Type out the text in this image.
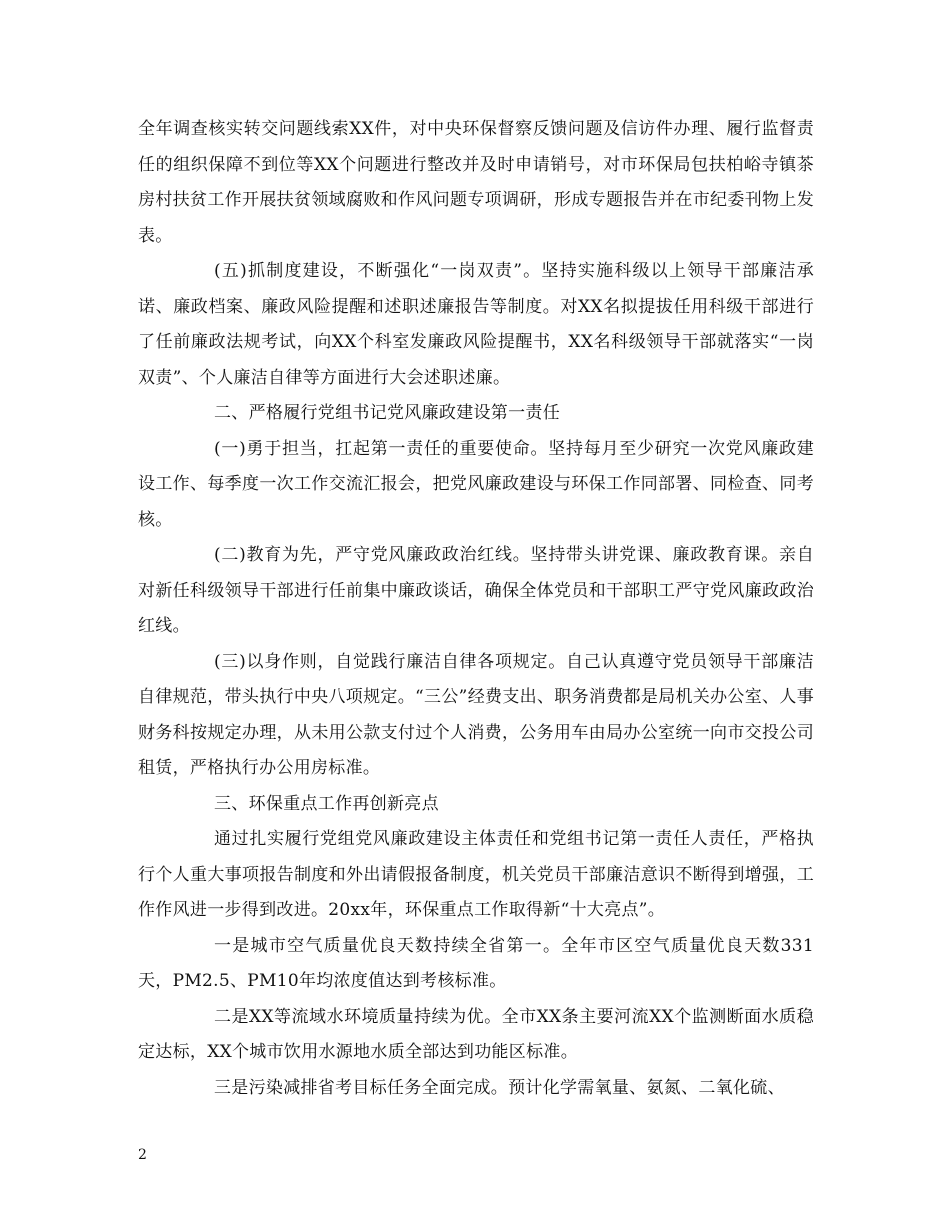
全年调查核实转交问题线索XX件，对中央环保督察反馈问题及信访件办理、履行监督责任的组织保障不到位等XX个问题进行整改并及时申请销号，对市环保局包扶柏峪寺镇茶房村扶贫工作开展扶贫领域腐败和作风问题专项调研，形成专题报告并在市纪委刊物上发表。

(五)抓制度建设，不断强化“一岗双责”。坚持实施科级以上领导干部廉洁承诺、廉政档案、廉政风险提醒和述职述廉报告等制度。对XX名拟提拔任用科级干部进行了任前廉政法规考试，向XX个科室发廉政风险提醒书，XX名科级领导干部就落实“一岗双责”、个人廉洁自律等方面进行大会述职述廉。

二、严格履行党组书记党风廉政建设第一责任

(一)勇于担当，扛起第一责任的重要使命。坚持每月至少研究一次党风廉政建设工作、每季度一次工作交流汇报会，把党风廉政建设与环保工作同部署、同检查、同考核。

(二)教育为先，严守党风廉政政治红线。坚持带头讲党课、廉政教育课。亲自对新任科级领导干部进行任前集中廉政谈话，确保全体党员和干部职工严守党风廉政政治红线。

(三)以身作则，自觉践行廉洁自律各项规定。自己认真遵守党员领导干部廉洁自律规范，带头执行中央八项规定。“三公”经费支出、职务消费都是局机关办公室、人事财务科按规定办理，从未用公款支付过个人消费，公务用车由局办公室统一向市交投公司租赁，严格执行办公用房标准。

三、环保重点工作再创新亮点

通过扎实履行党组党风廉政建设主体责任和党组书记第一责任人责任，严格执行个人重大事项报告制度和外出请假报备制度，机关党员干部廉洁意识不断得到增强，工作作风进一步得到改进。20xx年，环保重点工作取得新“十大亮点”。

一是城市空气质量优良天数持续全省第一。全年市区空气质量优良天数331天，PM2.5、PM10年均浓度值达到考核标准。

二是XX等流域水环境质量持续为优。全市XX条主要河流XX个监测断面水质稳定达标，XX个城市饮用水源地水质全部达到功能区标准。

三是污染减排省考目标任务全面完成。预计化学需氧量、氨氮、二氧化硫、

2
